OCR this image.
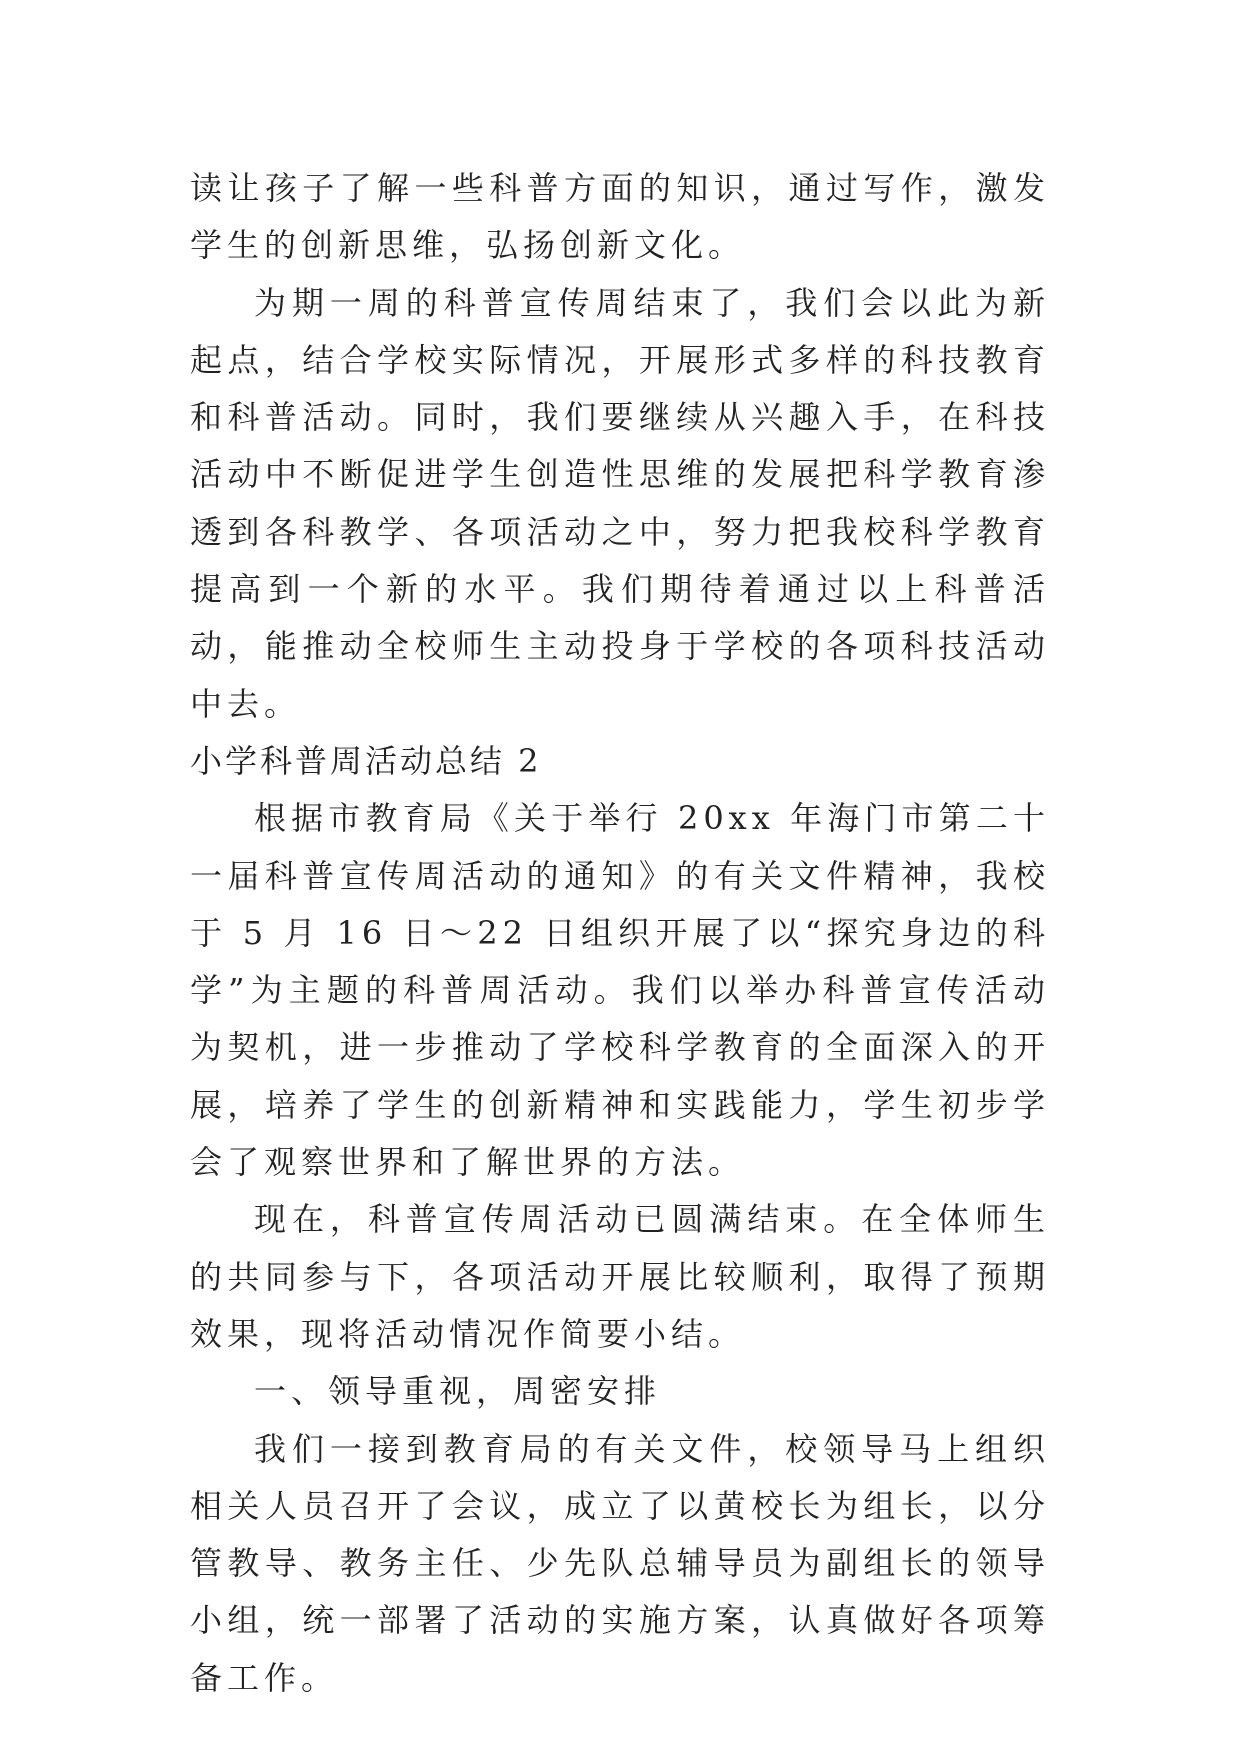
读让孩子了解一些科普方面的知识，通过写作，激发学生的创新思维，弘扬创新文化。

为期一周的科普宣传周结束了，我们会以此为新起点，结合学校实际情况，开展形式多样的科技教育和科普活动。同时，我们要继续从兴趣入手，在科技活动中不断促进学生创造性思维的发展把科学教育渗透到各科教学、各项活动之中，努力把我校科学教育提高到一个新的水平。我们期待着通过以上科普活动，能推动全校师生主动投身于学校的各项科技活动中去。

小学科普周活动总结 2

根据市教育局《关于举行 20xx 年海门市第二十一届科普宣传周活动的通知》的有关文件精神，我校于 5 月 16 日～22 日组织开展了以“探究身边的科学”为主题的科普周活动。我们以举办科普宣传活动为契机，进一步推动了学校科学教育的全面深入的开展，培养了学生的创新精神和实践能力，学生初步学会了观察世界和了解世界的方法。

现在，科普宣传周活动已圆满结束。在全体师生的共同参与下，各项活动开展比较顺利，取得了预期效果，现将活动情况作简要小结。

一、领导重视，周密安排

我们一接到教育局的有关文件，校领导马上组织相关人员召开了会议，成立了以黄校长为组长，以分管教导、教务主任、少先队总辅导员为副组长的领导小组，统一部署了活动的实施方案，认真做好各项筹备工作。
